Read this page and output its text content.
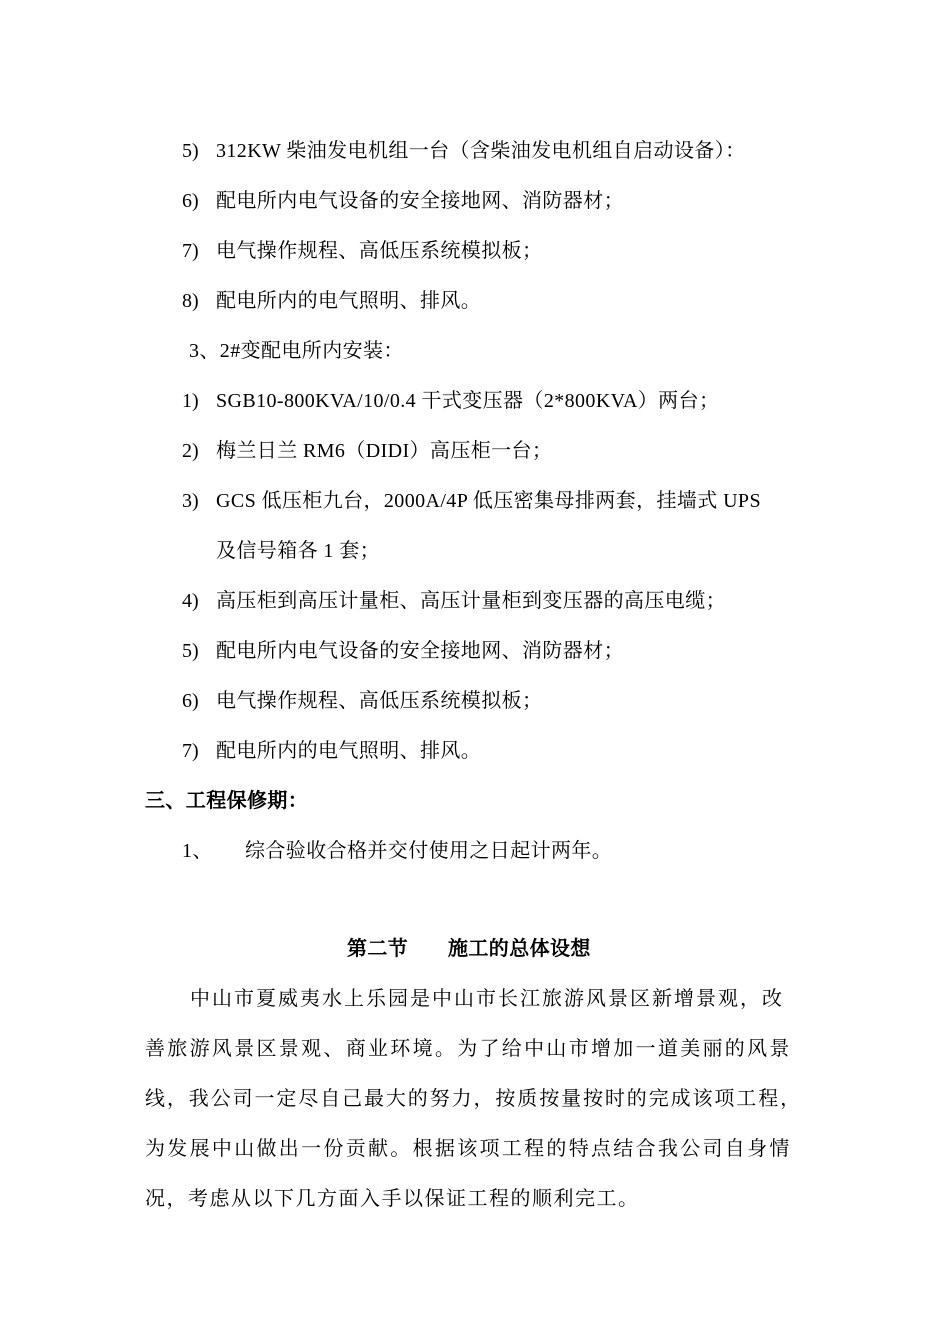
5) 312KW 柴油发电机组一台（含柴油发电机组自启动设备）：
6) 配电所内电气设备的安全接地网、消防器材；
7) 电气操作规程、高低压系统模拟板；
8) 配电所内的电气照明、排风。
3、2#变配电所内安装：
1) SGB10-800KVA/10/0.4 干式变压器（2*800KVA）两台；
2) 梅兰日兰 RM6（DIDI）高压柜一台；
3) GCS 低压柜九台，2000A/4P 低压密集母排两套，挂墙式 UPS
及信号箱各 1 套；
4) 高压柜到高压计量柜、高压计量柜到变压器的高压电缆；
5) 配电所内电气设备的安全接地网、消防器材；
6) 电气操作规程、高低压系统模拟板；
7) 配电所内的电气照明、排风。
三、工程保修期：
1、 综合验收合格并交付使用之日起计两年。
第二节 施工的总体设想
中山市夏威夷水上乐园是中山市长江旅游风景区新增景观，改
善旅游风景区景观、商业环境。为了给中山市增加一道美丽的风景
线，我公司一定尽自己最大的努力，按质按量按时的完成该项工程，
为发展中山做出一份贡献。根据该项工程的特点结合我公司自身情
况，考虑从以下几方面入手以保证工程的顺利完工。
